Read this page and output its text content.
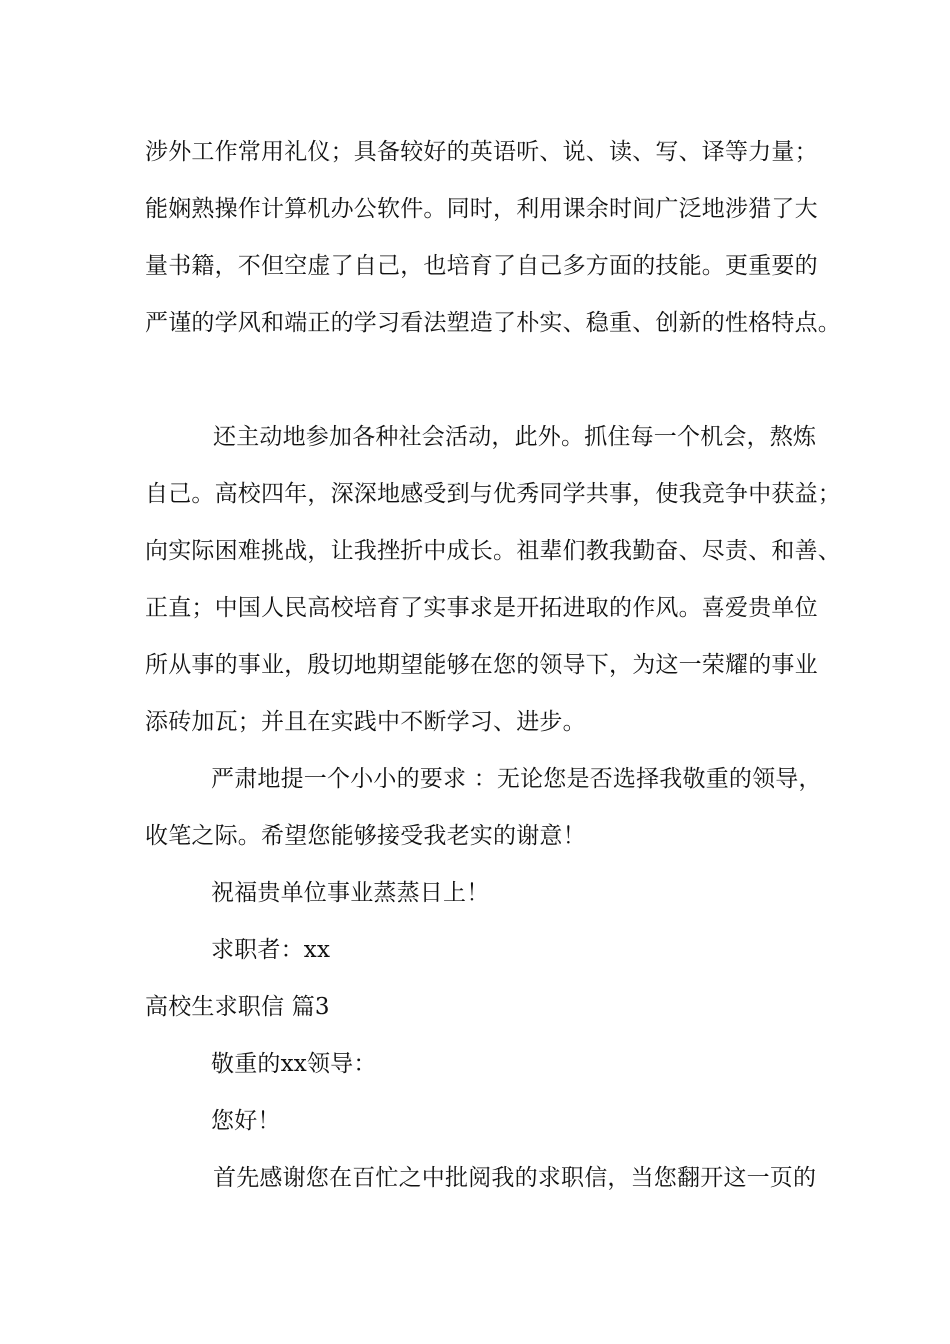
涉外工作常用礼仪；具备较好的英语听、说、读、写、译等力量；
能娴熟操作计算机办公软件。同时，利用课余时间广泛地涉猎了大
量书籍，不但空虚了自己，也培育了自己多方面的技能。更重要的
严谨的学风和端正的学习看法塑造了朴实、稳重、创新的性格特点。
还主动地参加各种社会活动，此外。抓住每一个机会，熬炼
自己。高校四年，深深地感受到与优秀同学共事，使我竞争中获益；
向实际困难挑战，让我挫折中成长。祖辈们教我勤奋、尽责、和善、
正直；中国人民高校培育了实事求是开拓进取的作风。喜爱贵单位
所从事的事业，殷切地期望能够在您的领导下，为这一荣耀的事业
添砖加瓦；并且在实践中不断学习、进步。
严肃地提一个小小的要求 ：无论您是否选择我敬重的领导，
收笔之际。希望您能够接受我老实的谢意！
祝福贵单位事业蒸蒸日上！
求职者：xx
高校生求职信 篇3
敬重的xx领导：
您好！
首先感谢您在百忙之中批阅我的求职信，当您翻开这一页的
